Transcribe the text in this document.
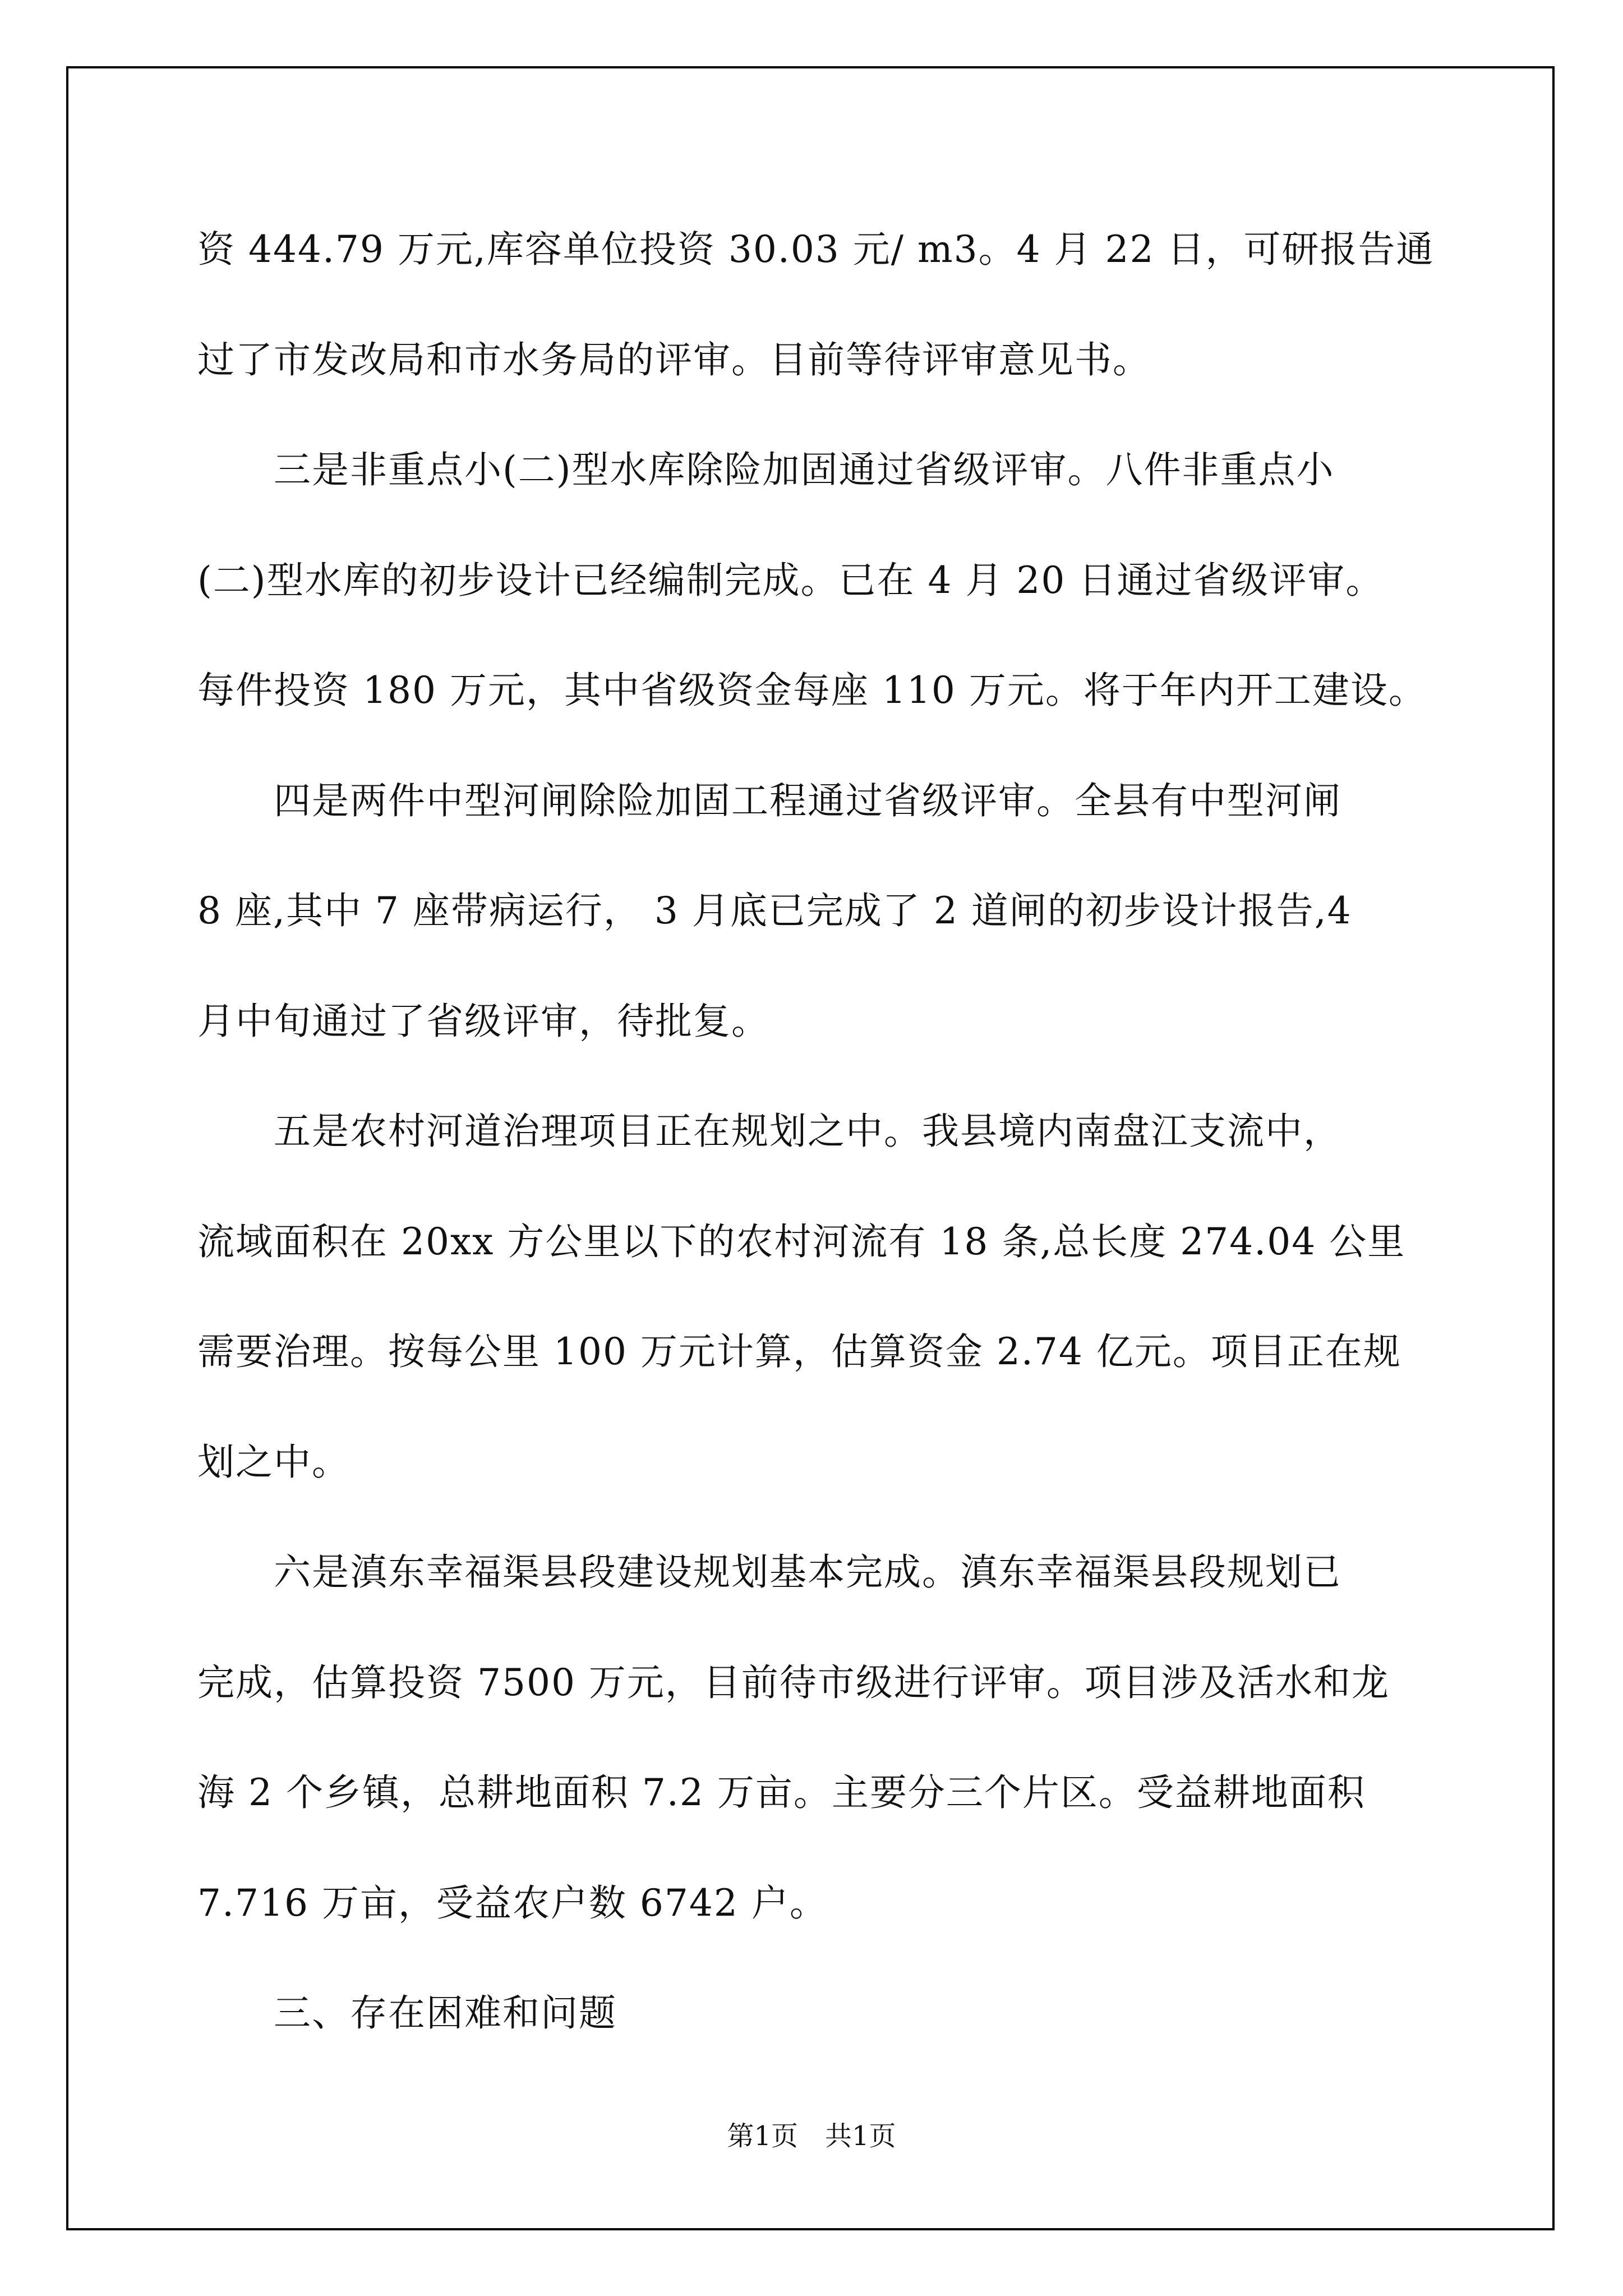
资 444.79 万元,库容单位投资 30.03 元/ m3。4 月 22 日，可研报告通
过了市发改局和市水务局的评审。目前等待评审意见书。
　　三是非重点小(二)型水库除险加固通过省级评审。八件非重点小
(二)型水库的初步设计已经编制完成。已在 4 月 20 日通过省级评审。
每件投资 180 万元，其中省级资金每座 110 万元。将于年内开工建设。
　　四是两件中型河闸除险加固工程通过省级评审。全县有中型河闸
8 座,其中 7 座带病运行， 3 月底已完成了 2 道闸的初步设计报告,4
月中旬通过了省级评审，待批复。
　　五是农村河道治理项目正在规划之中。我县境内南盘江支流中，
流域面积在 20xx 方公里以下的农村河流有 18 条,总长度 274.04 公里
需要治理。按每公里 100 万元计算，估算资金 2.74 亿元。项目正在规
划之中。
　　六是滇东幸福渠县段建设规划基本完成。滇东幸福渠县段规划已
完成，估算投资 7500 万元，目前待市级进行评审。项目涉及活水和龙
海 2 个乡镇，总耕地面积 7.2 万亩。主要分三个片区。受益耕地面积
7.716 万亩，受益农户数 6742 户。
　　三、存在困难和问题
第1页　共1页
